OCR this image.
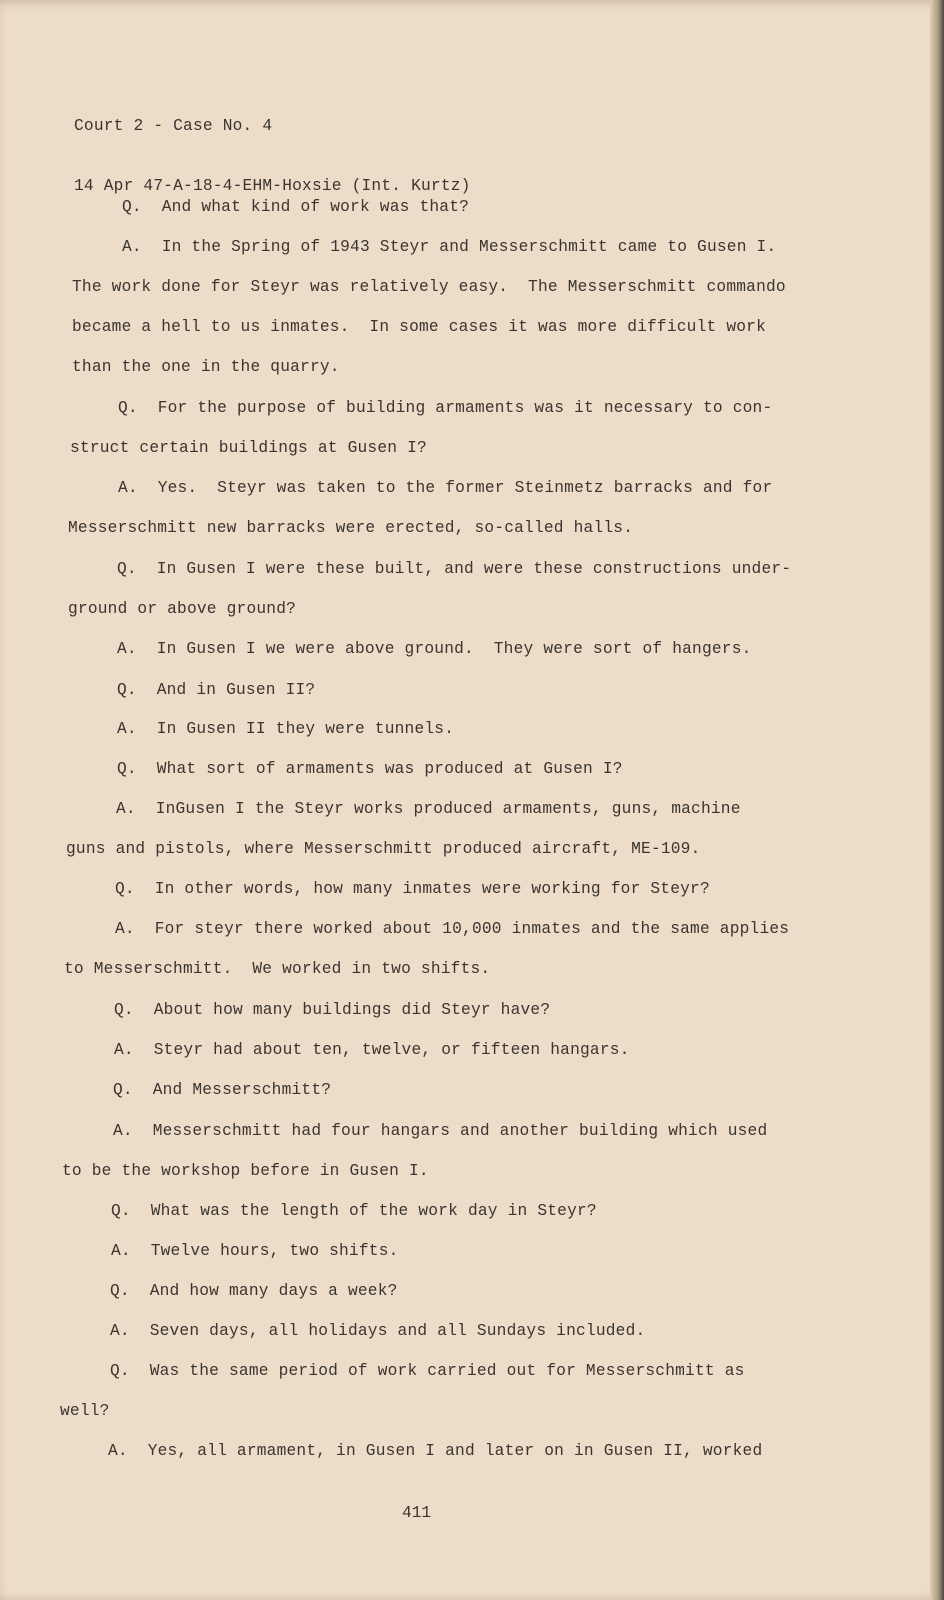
Court 2 - Case No. 4

14 Apr 47-A-18-4-EHM-Hoxsie (Int. Kurtz)

Q. And what kind of work was that?
A. In the Spring of 1943 Steyr and Messerschmitt came to Gusen I.
The work done for Steyr was relatively easy.  The Messerschmitt commando
became a hell to us inmates.  In some cases it was more difficult work
than the one in the quarry.
Q. For the purpose of building armaments was it necessary to con-
struct certain buildings at Gusen I?
A. Yes.  Steyr was taken to the former Steinmetz barracks and for
Messerschmitt new barracks were erected, so-called halls.
Q. In Gusen I were these built, and were these constructions under-
ground or above ground?
A. In Gusen I we were above ground.  They were sort of hangers.
Q. And in Gusen II?
A. In Gusen II they were tunnels.
Q. What sort of armaments was produced at Gusen I?
A. InGusen I the Steyr works produced armaments, guns, machine
guns and pistols, where Messerschmitt produced aircraft, ME-109.
Q. In other words, how many inmates were working for Steyr?
A. For steyr there worked about 10,000 inmates and the same applies
to Messerschmitt.  We worked in two shifts.
Q. About how many buildings did Steyr have?
A. Steyr had about ten, twelve, or fifteen hangars.
Q. And Messerschmitt?
A. Messerschmitt had four hangars and another building which used
to be the workshop before in Gusen I.
Q. What was the length of the work day in Steyr?
A. Twelve hours, two shifts.
Q. And how many days a week?
A. Seven days, all holidays and all Sundays included.
Q. Was the same period of work carried out for Messerschmitt as
well?
A. Yes, all armament, in Gusen I and later on in Gusen II, worked
411
